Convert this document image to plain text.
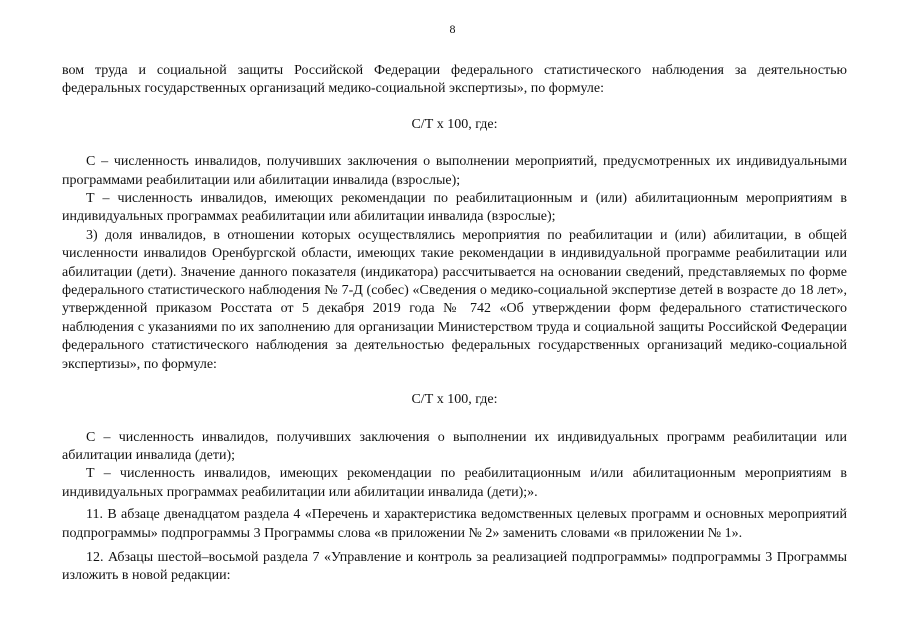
8

вом труда и социальной защиты Российской Федерации федерального статистического наблюдения за деятельностью федеральных государственных организаций медико-социальной экспертизы», по формуле:

С/Т х 100, где:

С – численность инвалидов, получивших заключения о выполнении мероприятий, предусмотренных их индивидуальными программами реабилитации или абилитации инвалида (взрослые);

Т – численность инвалидов, имеющих рекомендации по реабилитационным и (или) абилитационным мероприятиям в индивидуальных программах реабилитации или абилитации инвалида (взрослые);

3) доля инвалидов, в отношении которых осуществлялись мероприятия по реабилитации и (или) абилитации, в общей численности инвалидов Оренбургской области, имеющих такие рекомендации в индивидуальной программе реабилитации или абилитации (дети). Значение данного показателя (индикатора) рассчитывается на основании сведений, представляемых по форме федерального статистического наблюдения № 7-Д (собес) «Сведения о медико-социальной экспертизе детей в возрасте до 18 лет», утвержденной приказом Росстата от 5 декабря 2019 года № 742 «Об утверждении форм федерального статистического наблюдения с указаниями по их заполнению для организации Министерством труда и социальной защиты Российской Федерации федерального статистического наблюдения за деятельностью федеральных государственных организаций медико-социальной экспертизы», по формуле:

С/Т х 100, где:

С – численность инвалидов, получивших заключения о выполнении их индивидуальных программ реабилитации или абилитации инвалида (дети);

Т – численность инвалидов, имеющих рекомендации по реабилитационным и/или абилитационным мероприятиям в индивидуальных программах реабилитации или абилитации инвалида (дети);».

11. В абзаце двенадцатом раздела 4 «Перечень и характеристика ведомственных целевых программ и основных мероприятий подпрограммы» подпрограммы 3 Программы слова «в приложении № 2» заменить словами «в приложении № 1».

12. Абзацы шестой–восьмой раздела 7 «Управление и контроль за реализацией подпрограммы» подпрограммы 3 Программы изложить в новой редакции:
